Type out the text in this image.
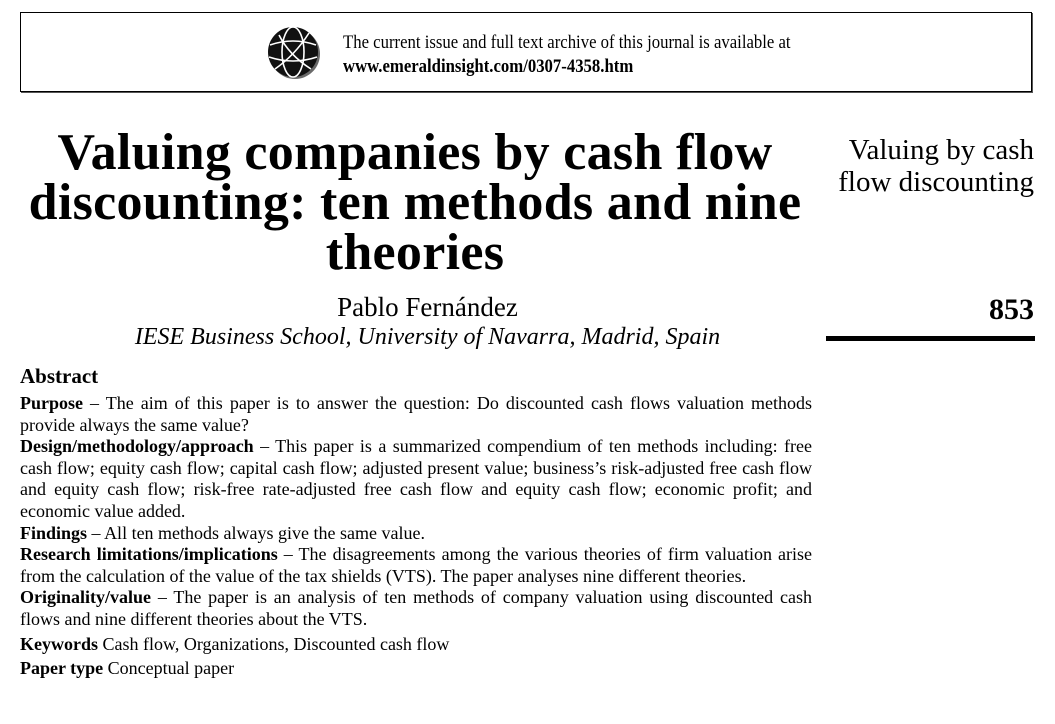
The current issue and full text archive of this journal is available at
www.emeraldinsight.com/0307-4358.htm
Valuing companies by cash flow discounting: ten methods and nine theories
Pablo Fernández
IESE Business School, University of Navarra, Madrid, Spain
Valuing by cash
flow discounting
853
Abstract

Purpose – The aim of this paper is to answer the question: Do discounted cash flows valuation methods provide always the same value?

Design/methodology/approach – This paper is a summarized compendium of ten methods including: free cash flow; equity cash flow; capital cash flow; adjusted present value; business’s risk-adjusted free cash flow and equity cash flow; risk-free rate-adjusted free cash flow and equity cash flow; economic profit; and economic value added.

Findings – All ten methods always give the same value.

Research limitations/implications – The disagreements among the various theories of firm valuation arise from the calculation of the value of the tax shields (VTS). The paper analyses nine different theories.

Originality/value – The paper is an analysis of ten methods of company valuation using discounted cash flows and nine different theories about the VTS.

Keywords Cash flow, Organizations, Discounted cash flow

Paper type Conceptual paper
